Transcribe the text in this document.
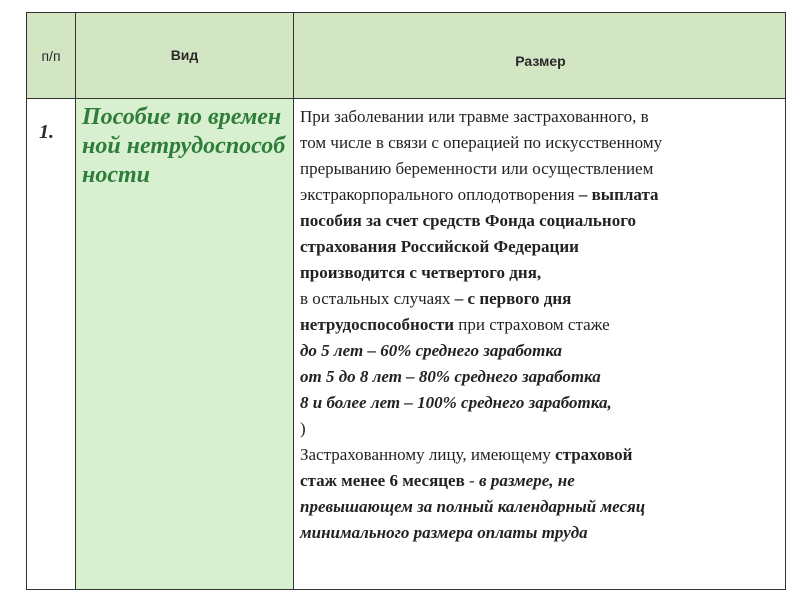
п/п	Вид	Размер
1.
Пособие по временной нетрудоспособности
При заболевании или травме застрахованного, в
том числе в связи с операцией по искусственному
прерыванию беременности или осуществлением
экстракорпорального оплодотворения – выплата
пособия за счет средств Фонда социального
страхования Российской Федерации
производится с четвертого дня,
в остальных случаях – с первого дня
нетрудоспособности при страховом стаже
до 5 лет – 60% среднего заработка
от 5 до 8 лет – 80% среднего заработка
8 и более лет – 100% среднего заработка,
)
Застрахованному лицу, имеющему страховой
стаж менее 6 месяцев - в размере, не
превышающем за полный календарный месяц
минимального размера оплаты труда
